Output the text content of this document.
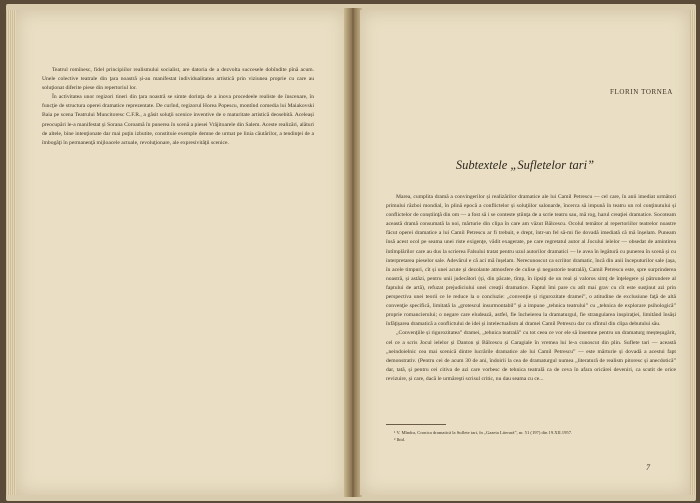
Teatrul romînesc, fidel principiilor realismului socialist, are datoria de a dezvolta succesele dobîndite pînă acum. Unele colective teatrale din ţara noastră și-au manifestat individualitatea artistică prin viziunea proprie cu care au soluţionat diferite piese din repertoriul lor.

În activitatea unor regizori tineri din ţara noastră se simte dorinţa de a inova procedeele realiste de înscenare, în funcţie de structura operei dramatice reprezentate. De curînd, regizorul Horea Popescu, montînd comedia lui Maiakovski Baia pe scena Teatrului Muncitoresc C.F.R., a găsit soluţii scenice inventive de o maturitate artistică deosebită. Aceleași preocupări le-a manifestat și Sorana Coroamă în punerea în scenă a piesei Vrăjitoarele din Salem. Aceste realizări, alături de altele, bine intenţionate dar mai puţin izbutite, constituie exemple demne de urmat pe linia căutărilor, a tendinţei de a îmbogăţi în permanenţă mijloacele actuale, revoluţionare, ale expresivităţii scenice.

FLORIN TORNEA

Subtextele „Sufletelor tari”

Marea, cumplita dramă a convingerilor și realizărilor dramatice ale lui Camil Petrescu — cel care, în anii imediat următori primului război mondial, în plină epocă a conflictelor și soluţiilor salonarde, încerca să impună în teatru un rol conţinutului și conflictelor de conștiinţă din om — a fost să i se conteste știinţa de a scrie teatru sau, mă rog, harul creaţiei dramatice. Socoteam această dramă consumată la noi, mărturie din clipa în care am văzut Bălcescu. Ocolul temător al repertoriilor teatrelor noastre făcut operei dramatice a lui Camil Petrescu ar fi trebuit, e drept, într-un fel să-mi fie dovadă imediată că mă înșelam. Puneam însă acest ocol pe seama unei riste exigenţe, vădit exagerate, pe care regretatul autor al Jocului ielelor — obsedat de amintirea întîmplărilor care au dus la scrierea Falsului tratat pentru uzul autorilor dramatici — le avea în legătură cu punerea în scenă și cu interpretarea pieselor sale. Adevărul e că aci mă înșelam. Nerecunoscut ca scriitor dramatic, încă din anii începuturilor sale (așa, în acele timpuri, cît și unei acute și dezolante atmosfere de culise și negustorie teatrală), Camil Petrescu este, spre surprinderea noastră, și astăzi, pentru unii judecători (și, din păcate, tîmp, în iipsiți de un real și valoros simţ de înţelegere și pătrundere al faptului de artă), refuzat prejudiciului unei creaţii dramatice. Faptul îmi pare cu atît mai grav cu cît este susţinut azi prin perspectiva unei teorii ce le reduce la o concluzie: „convenţie și rigurozitate dramei”, o atitudine de exclusiune faţă de altă convenţie specifică, limitată la „grotescul insurmontabil” și a impune „tehnica teatrului” cu „tehnica de explorare psihologică” proprie romancierului; o negare care eludează, astfel, fie încheierea la dramaturgul, fie strangularea inspiraţiei, limitând însăși înfăţișarea dramatică a conflictului de idei și intelectualism al dramei Camil Petrescu dar cu sfîntul din clipa debutului său.

„Convenţiile și rigurozitatea” dramei, „tehnica teatrală” cu tot ceea ce vor ele să însemne pentru un dramaturg meșteșugărit, cel ce a scris Jocul ielelor și Danton și Bălcescu și Caragiale în vremea lui le-a cunoscut din plin. Suflete tari — această „neindoielnic cea mai scenică dintre lucrările dramatice ale lui Camil Petrescu” — este mărturie și dovadă a acestui fapt demonstrativ. (Pentru cei de acum 30 de ani, îndoirii la cea de dramaturgul numea „literatură de realism pitoresc și anecdotică” dar, tată, și pentru cei citiva de azi care vorbesc de tehnica teatrală ca de ceva în afara oricărei deveniri, ca scutit de orice revizuire, și care, dacă le urmăreşti scrisul critic, nu dau seama cu ce...

¹ V. Mîndra, Cronica dramatică la Suflete tari, în „Gazeta Literară”, nr. 51 (197) din 19.XII.1957.

² Ibid.

7
